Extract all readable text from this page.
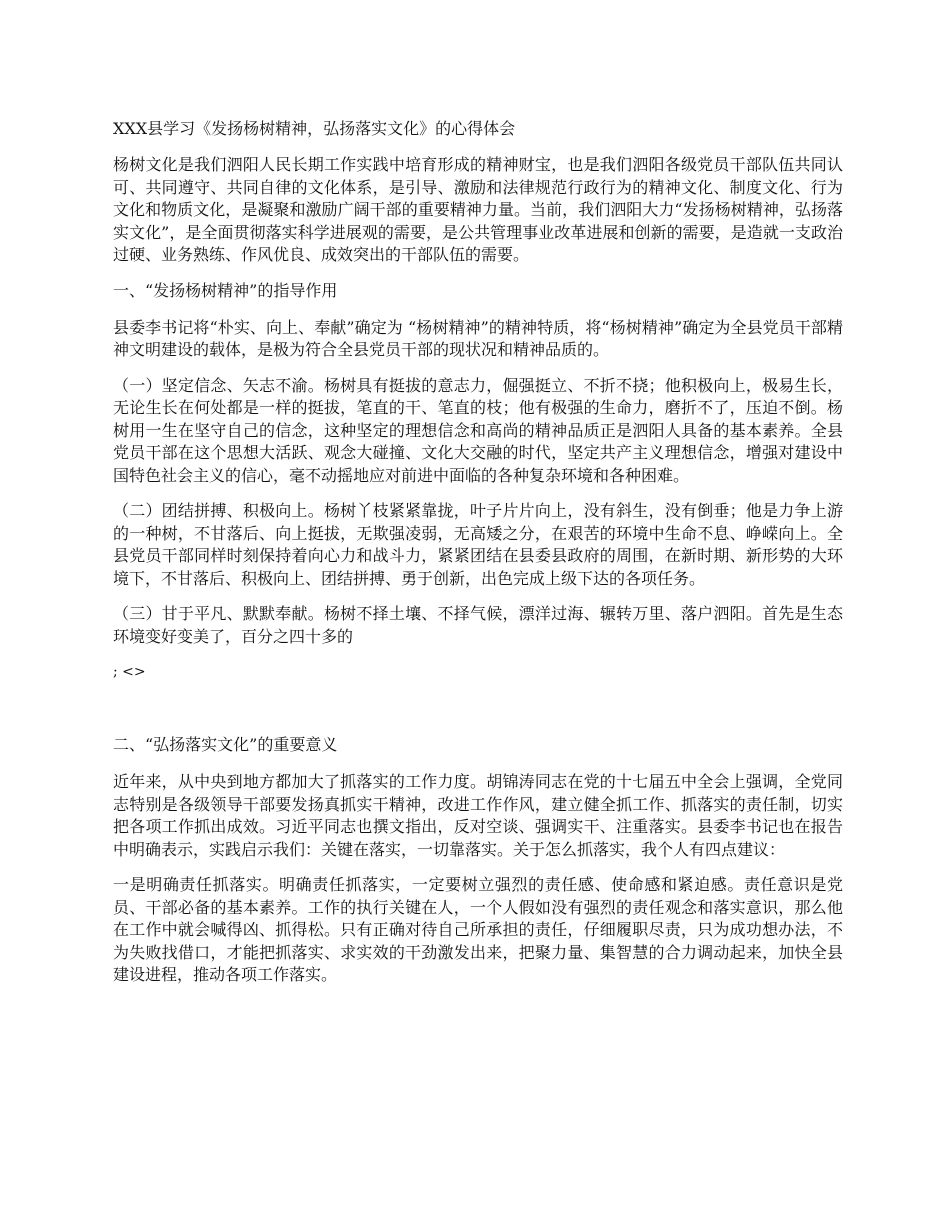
XXX县学习《发扬杨树精神，弘扬落实文化》的心得体会

杨树文化是我们泗阳人民长期工作实践中培育形成的精神财宝，也是我们泗阳各级党员干部队伍共同认可、共同遵守、共同自律的文化体系，是引导、激励和法律规范行政行为的精神文化、制度文化、行为文化和物质文化，是凝聚和激励广阔干部的重要精神力量。当前，我们泗阳大力“发扬杨树精神，弘扬落实文化”，是全面贯彻落实科学进展观的需要，是公共管理事业改革进展和创新的需要，是造就一支政治过硬、业务熟练、作风优良、成效突出的干部队伍的需要。

一、“发扬杨树精神”的指导作用

县委李书记将“朴实、向上、奉献”确定为 “杨树精神”的精神特质，将“杨树精神”确定为全县党员干部精神文明建设的载体，是极为符合全县党员干部的现状况和精神品质的。

（一）坚定信念、矢志不渝。杨树具有挺拔的意志力，倔强挺立、不折不挠；他积极向上，极易生长，无论生长在何处都是一样的挺拔，笔直的干、笔直的枝；他有极强的生命力，磨折不了，压迫不倒。杨树用一生在坚守自己的信念，这种坚定的理想信念和高尚的精神品质正是泗阳人具备的基本素养。全县党员干部在这个思想大活跃、观念大碰撞、文化大交融的时代，坚定共产主义理想信念，增强对建设中国特色社会主义的信心，毫不动摇地应对前进中面临的各种复杂环境和各种困难。

（二）团结拼搏、积极向上。杨树丫枝紧紧靠拢，叶子片片向上，没有斜生，没有倒垂；他是力争上游的一种树，不甘落后、向上挺拔，无欺强凌弱，无高矮之分，在艰苦的环境中生命不息、峥嵘向上。全县党员干部同样时刻保持着向心力和战斗力，紧紧团结在县委县政府的周围，在新时期、新形势的大环境下，不甘落后、积极向上、团结拼搏、勇于创新，出色完成上级下达的各项任务。

（三）甘于平凡、默默奉献。杨树不择土壤、不择气候，漂洋过海、辗转万里、落户泗阳。首先是生态环境变好变美了，百分之四十多的

; <>
二、“弘扬落实文化”的重要意义

近年来，从中央到地方都加大了抓落实的工作力度。胡锦涛同志在党的十七届五中全会上强调，全党同志特别是各级领导干部要发扬真抓实干精神，改进工作作风，建立健全抓工作、抓落实的责任制，切实把各项工作抓出成效。习近平同志也撰文指出，反对空谈、强调实干、注重落实。县委李书记也在报告中明确表示，实践启示我们：关键在落实，一切靠落实。关于怎么抓落实，我个人有四点建议：

一是明确责任抓落实。明确责任抓落实，一定要树立强烈的责任感、使命感和紧迫感。责任意识是党员、干部必备的基本素养。工作的执行关键在人，一个人假如没有强烈的责任观念和落实意识，那么他在工作中就会喊得凶、抓得松。只有正确对待自己所承担的责任，仔细履职尽责，只为成功想办法，不为失败找借口，才能把抓落实、求实效的干劲激发出来，把聚力量、集智慧的合力调动起来，加快全县建设进程，推动各项工作落实。
